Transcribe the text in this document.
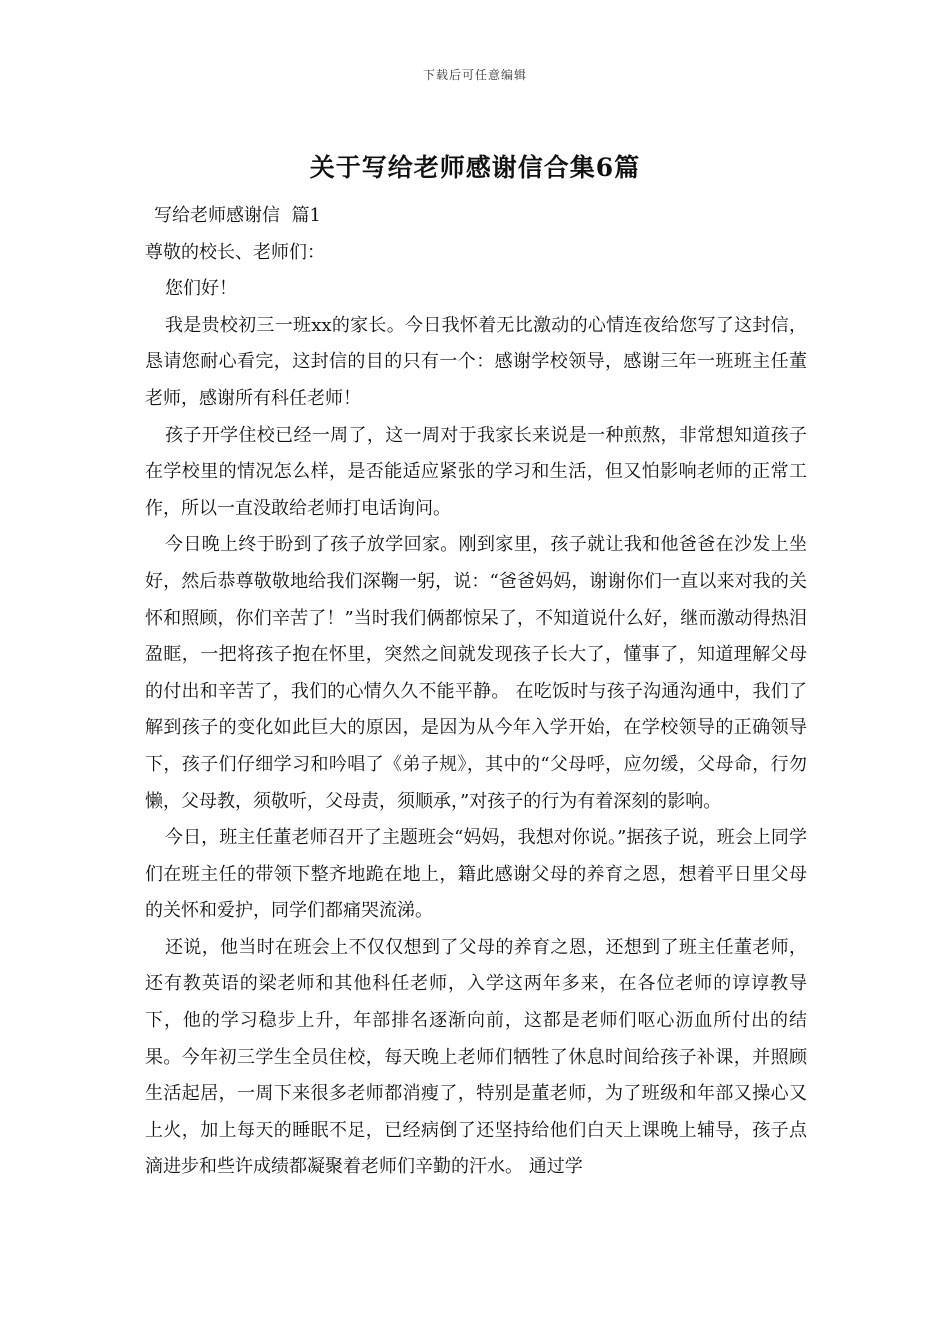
下载后可任意编辑
关于写给老师感谢信合集6篇

写给老师感谢信  篇1

尊敬的校长、老师们：

您们好！

我是贵校初三一班xx的家长。今日我怀着无比激动的心情连夜给您写了这封信，恳请您耐心看完，这封信的目的只有一个：感谢学校领导，感谢三年一班班主任董老师，感谢所有科任老师！

孩子开学住校已经一周了，这一周对于我家长来说是一种煎熬，非常想知道孩子在学校里的情况怎么样，是否能适应紧张的学习和生活，但又怕影响老师的正常工作，所以一直没敢给老师打电话询问。

今日晚上终于盼到了孩子放学回家。刚到家里，孩子就让我和他爸爸在沙发上坐好，然后恭尊敬敬地给我们深鞠一躬，说：“爸爸妈妈，谢谢你们一直以来对我的关怀和照顾，你们辛苦了！”当时我们俩都惊呆了，不知道说什么好，继而激动得热泪盈眶，一把将孩子抱在怀里，突然之间就发现孩子长大了，懂事了，知道理解父母的付出和辛苦了，我们的心情久久不能平静。 在吃饭时与孩子沟通沟通中，我们了解到孩子的变化如此巨大的原因，是因为从今年入学开始，在学校领导的正确领导下，孩子们仔细学习和吟唱了《弟子规》，其中的“父母呼，应勿缓，父母命，行勿懒，父母教，须敬听，父母责，须顺承，”对孩子的行为有着深刻的影响。

今日，班主任董老师召开了主题班会“妈妈，我想对你说。”据孩子说，班会上同学们在班主任的带领下整齐地跪在地上，籍此感谢父母的养育之恩，想着平日里父母的关怀和爱护，同学们都痛哭流涕。

还说，他当时在班会上不仅仅想到了父母的养育之恩，还想到了班主任董老师，还有教英语的梁老师和其他科任老师，入学这两年多来，在各位老师的谆谆教导下，他的学习稳步上升，年部排名逐渐向前，这都是老师们呕心沥血所付出的结果。今年初三学生全员住校，每天晚上老师们牺牲了休息时间给孩子补课，并照顾生活起居，一周下来很多老师都消瘦了，特别是董老师，为了班级和年部又操心又上火，加上每天的睡眠不足，已经病倒了还坚持给他们白天上课晚上辅导，孩子点滴进步和些许成绩都凝聚着老师们辛勤的汗水。 通过学
